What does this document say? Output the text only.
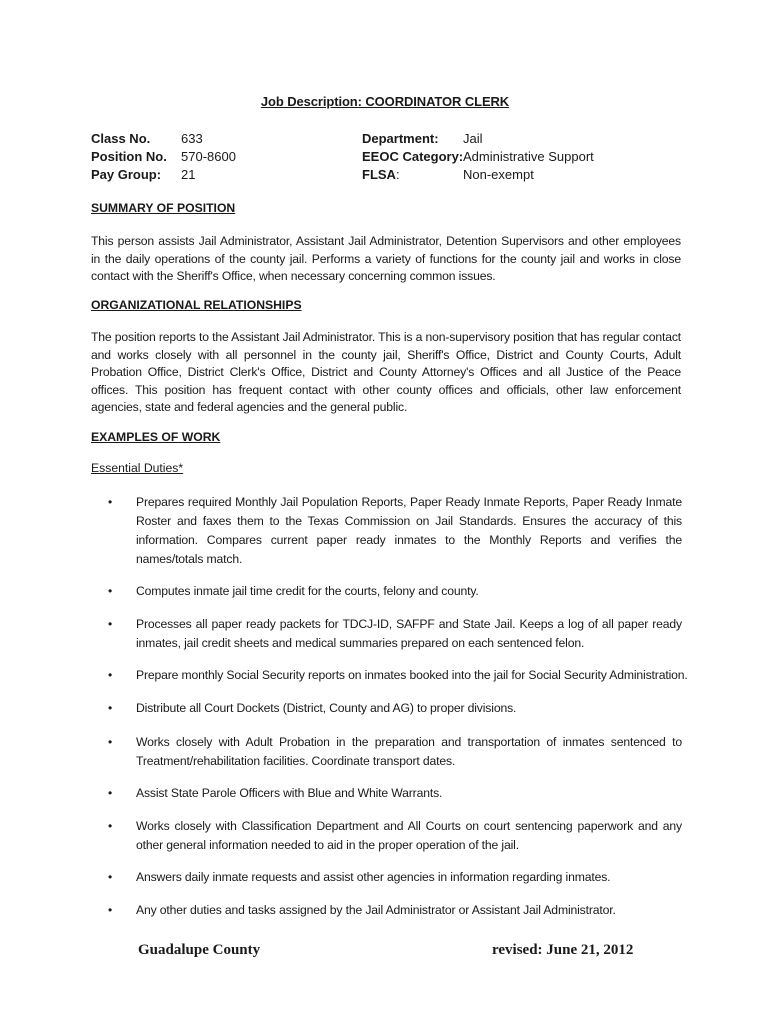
Job Description: COORDINATOR CLERK
Class No. 633
Position No. 570-8600
Pay Group: 21
Department: Jail
EEOC Category: Administrative Support
FLSA:	Non-exempt
SUMMARY OF POSITION
This person assists Jail Administrator, Assistant Jail Administrator, Detention Supervisors and other employees in the daily operations of the county jail. Performs a variety of functions for the county jail and works in close contact with the Sheriff's Office, when necessary concerning common issues.
ORGANIZATIONAL RELATIONSHIPS
The position reports to the Assistant Jail Administrator. This is a non-supervisory position that has regular contact and works closely with all personnel in the county jail, Sheriff's Office, District and County Courts, Adult Probation Office, District Clerk's Office, District and County Attorney's Offices and all Justice of the Peace offices. This position has frequent contact with other county offices and officials, other law enforcement agencies, state and federal agencies and the general public.
EXAMPLES OF WORK
Essential Duties*
• Prepares required Monthly Jail Population Reports, Paper Ready Inmate Reports, Paper Ready Inmate Roster and faxes them to the Texas Commission on Jail Standards. Ensures the accuracy of this information. Compares current paper ready inmates to the Monthly Reports and verifies the names/totals match.
• Computes inmate jail time credit for the courts, felony and county.
• Processes all paper ready packets for TDCJ-ID, SAFPF and State Jail. Keeps a log of all paper ready inmates, jail credit sheets and medical summaries prepared on each sentenced felon.
• Prepare monthly Social Security reports on inmates booked into the jail for Social Security Administration.
• Distribute all Court Dockets (District, County and AG) to proper divisions.
• Works closely with Adult Probation in the preparation and transportation of inmates sentenced to Treatment/rehabilitation facilities. Coordinate transport dates.
• Assist State Parole Officers with Blue and White Warrants.
• Works closely with Classification Department and All Courts on court sentencing paperwork and any other general information needed to aid in the proper operation of the jail.
• Answers daily inmate requests and assist other agencies in information regarding inmates.
• Any other duties and tasks assigned by the Jail Administrator or Assistant Jail Administrator.
Guadalupe County	revised: June 21, 2012
